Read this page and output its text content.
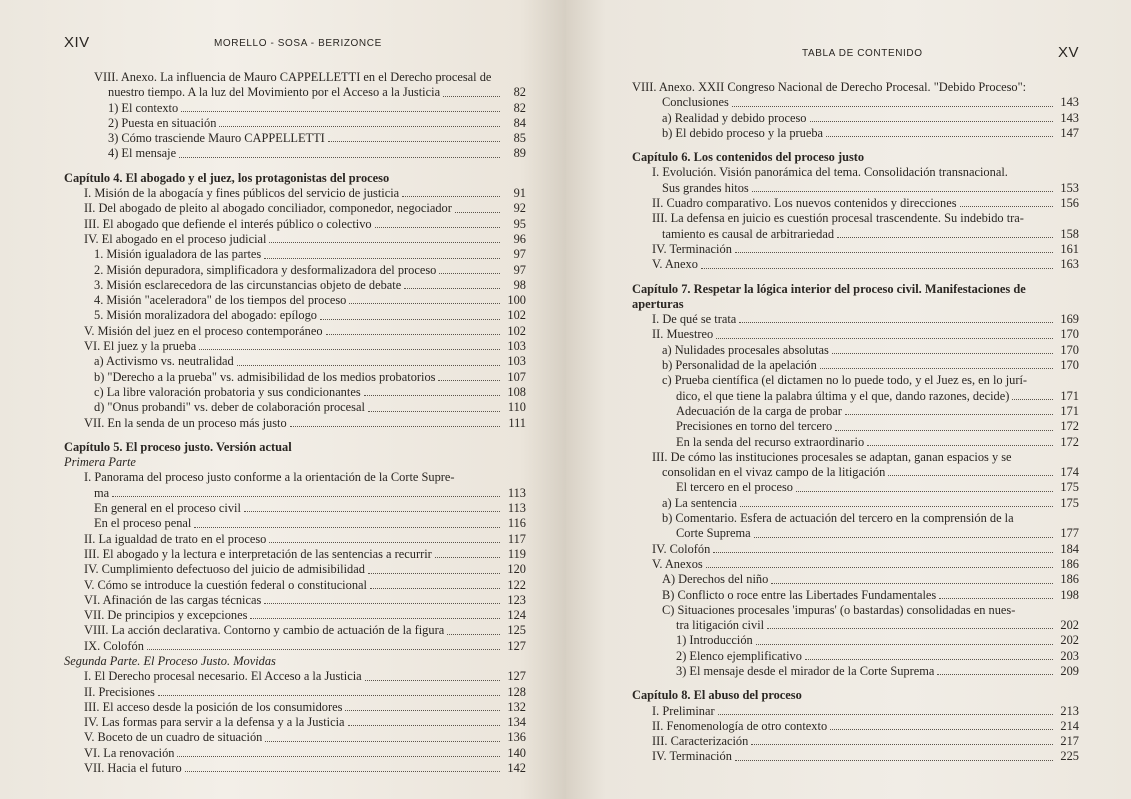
XIV	MORELLO - SOSA - BERIZONCE
VIII. Anexo. La influencia de Mauro CAPPELLETTI en el Derecho procesal de
nuestro tiempo. A la luz del Movimiento por el Acceso a la Justicia	82
1) El contexto	82
2) Puesta en situación	84
3) Cómo trasciende Mauro CAPPELLETTI	85
4) El mensaje	89
Capítulo 4. El abogado y el juez, los protagonistas del proceso
I. Misión de la abogacía y fines públicos del servicio de justicia	91
II. Del abogado de pleito al abogado conciliador, componedor, negociador	92
III. El abogado que defiende el interés público o colectivo	95
IV. El abogado en el proceso judicial	96
1. Misión igualadora de las partes	97
2. Misión depuradora, simplificadora y desformalizadora del proceso	97
3. Misión esclarecedora de las circunstancias objeto de debate	98
4. Misión "aceleradora" de los tiempos del proceso	100
5. Misión moralizadora del abogado: epílogo	102
V. Misión del juez en el proceso contemporáneo	102
VI. El juez y la prueba	103
a) Activismo vs. neutralidad	103
b) "Derecho a la prueba" vs. admisibilidad de los medios probatorios	107
c) La libre valoración probatoria y sus condicionantes	108
d) "Onus probandi" vs. deber de colaboración procesal	110
VII. En la senda de un proceso más justo	111
Capítulo 5. El proceso justo. Versión actual
Primera Parte
I. Panorama del proceso justo conforme a la orientación de la Corte Supre-
ma	113
En general en el proceso civil	113
En el proceso penal	116
II. La igualdad de trato en el proceso	117
III. El abogado y la lectura e interpretación de las sentencias a recurrir	119
IV. Cumplimiento defectuoso del juicio de admisibilidad	120
V. Cómo se introduce la cuestión federal o constitucional	122
VI. Afinación de las cargas técnicas	123
VII. De principios y excepciones	124
VIII. La acción declarativa. Contorno y cambio de actuación de la figura	125
IX. Colofón	127
Segunda Parte. El Proceso Justo. Movidas
I. El Derecho procesal necesario. El Acceso a la Justicia	127
II. Precisiones	128
III. El acceso desde la posición de los consumidores	132
IV. Las formas para servir a la defensa y a la Justicia	134
V. Boceto de un cuadro de situación	136
VI. La renovación	140
VII. Hacia el futuro	142
TABLA DE CONTENIDO	XV
VIII. Anexo. XXII Congreso Nacional de Derecho Procesal. "Debido Proceso":
Conclusiones	143
a) Realidad y debido proceso	143
b) El debido proceso y la prueba	147
Capítulo 6. Los contenidos del proceso justo
I. Evolución. Visión panorámica del tema. Consolidación transnacional.
Sus grandes hitos	153
II. Cuadro comparativo. Los nuevos contenidos y direcciones	156
III. La defensa en juicio es cuestión procesal trascendente. Su indebido tra-
tamiento es causal de arbitrariedad	158
IV. Terminación	161
V. Anexo	163
Capítulo 7. Respetar la lógica interior del proceso civil. Manifestaciones de
aperturas
I. De qué se trata	169
II. Muestreo	170
a) Nulidades procesales absolutas	170
b) Personalidad de la apelación	170
c) Prueba científica (el dictamen no lo puede todo, y el Juez es, en lo jurí-
dico, el que tiene la palabra última y el que, dando razones, decide)	171
Adecuación de la carga de probar	171
Precisiones en torno del tercero	172
En la senda del recurso extraordinario	172
III. De cómo las instituciones procesales se adaptan, ganan espacios y se
consolidan en el vivaz campo de la litigación	174
El tercero en el proceso	175
a) La sentencia	175
b) Comentario. Esfera de actuación del tercero en la comprensión de la
Corte Suprema	177
IV. Colofón	184
V. Anexos	186
A) Derechos del niño	186
B) Conflicto o roce entre las Libertades Fundamentales	198
C) Situaciones procesales 'impuras' (o bastardas) consolidadas en nues-
tra litigación civil	202
1) Introducción	202
2) Elenco ejemplificativo	203
3) El mensaje desde el mirador de la Corte Suprema	209
Capítulo 8. El abuso del proceso
I. Preliminar	213
II. Fenomenología de otro contexto	214
III. Caracterización	217
IV. Terminación	225
